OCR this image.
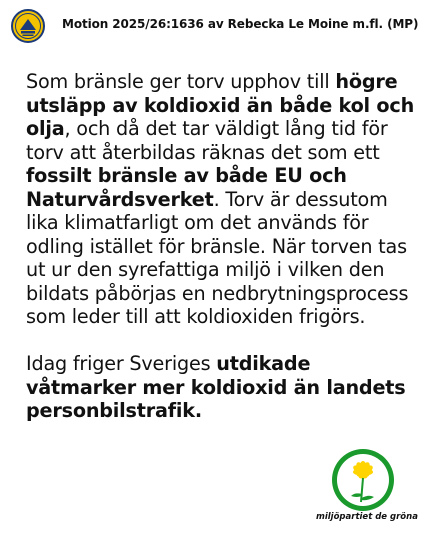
Motion 2025/26:1636 av Rebecka Le Moine m.fl. (MP)

Som bränsle ger torv upphov till högre utsläpp av koldioxid än både kol och olja, och då det tar väldigt lång tid för torv att återbildas räknas det som ett fossilt bränsle av både EU och Naturvårdsverket. Torv är dessutom lika klimatfarligt om det används för odling istället för bränsle. När torven tas ut ur den syrefattiga miljö i vilken den bildats påbörjas en nedbrytningsprocess som leder till att koldioxiden frigörs.

Idag friger Sveriges utdikade våtmarker mer koldioxid än landets personbilstrafik.

miljöpartiet de gröna
